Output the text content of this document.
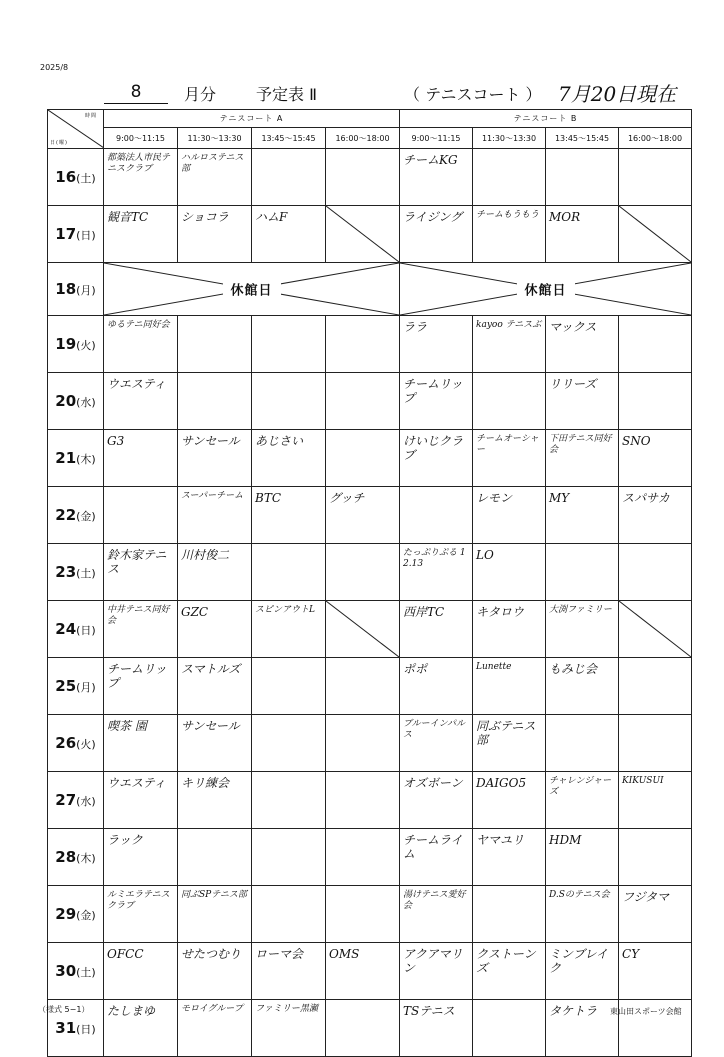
2025/8
8	月分 予定表 Ⅱ	（ テニスコート ） 7月20日現在
時間
日(曜)	テニスコート A				テニスコート B			
	9:00～11:15	11:30～13:30	13:45～15:45	16:00～18:00	9:00～11:15	11:30～13:30	13:45～15:45	16:00～18:00
16(土)	都築法人市民テニスクラブ	ハルロステニス部			チームKG			
17(日)	観音TC	ショコラ	ハムF		ライジング	チームもうもう	MOR	

18(月)	休館日				休館日			

19(火)	ゆるテニ同好会				ララ	kayoo テニスぶ	マックス	
20(水)	ウエスティ				チームリップ		リリーズ	
21(木)	G3	サンセール	あじさい		けいじクラブ	チームオーシャー	下田テニス同好会	SNO
22(金)		スーパーチーム	BTC	グッチ		レモン	MY	スパサカ
23(土)	鈴木家テニス	川村俊二			たっぷりぷる 12.13	LO		
24(日)	中井テニス同好会	GZC	スピンアウトL		西岸TC	キタロウ	大渕ファミリー	

25(月)	チームリップ	スマトルズ			ポポ	Lunette	もみじ会	
26(火)	喫茶 園	サンセール			ブルーインパルス	同ぶテニス部		
27(水)	ウエスティ	キリ練会			オズボーン	DAIGO5	チャレンジャーズ	KIKUSUI
28(木)	ラック				チームライム	ヤマユリ	HDM	
29(金)	ルミエラテニスクラブ	同ぶSPテニス部			湯けテニス愛好会		D.Sのテニス会	フジタマ
30(土)	OFCC	せたつむり	ローマ会	OMS	アクアマリン	クストーンズ	ミンブレイク	CY
31(日)	たしまゆ	モロイグループ	ファミリー黒瀬		TSテニス		タケトラ	
（様式 5−1）	東山田スポーツ会館
